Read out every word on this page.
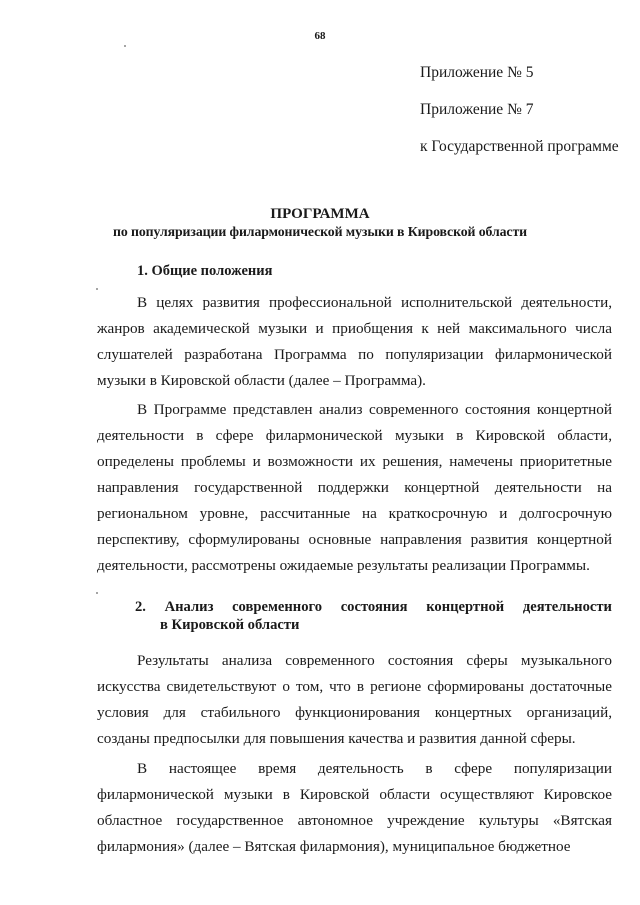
68
Приложение № 5
Приложение № 7
к Государственной программе
ПРОГРАММА
по популяризации филармонической музыки в Кировской области
1. Общие положения

В целях развития профессиональной исполнительской деятельности, жанров академической музыки и приобщения к ней максимального числа слушателей разработана Программа по популяризации филармонической музыки в Кировской области (далее – Программа).

В Программе представлен анализ современного состояния концертной деятельности в сфере филармонической музыки в Кировской области, определены проблемы и возможности их решения, намечены приоритетные направления государственной поддержки концертной деятельности на региональном уровне, рассчитанные на краткосрочную и долгосрочную перспективу, сформулированы основные направления развития концертной деятельности, рассмотрены ожидаемые результаты реализации Программы.

2. Анализ современного состояния концертной деятельности
в Кировской области

Результаты анализа современного состояния сферы музыкального искусства свидетельствуют о том, что в регионе сформированы достаточные условия для стабильного функционирования концертных организаций, созданы предпосылки для повышения качества и развития данной сферы.

В настоящее время деятельность в сфере популяризации филармонической музыки в Кировской области осуществляют Кировское областное государственное автономное учреждение культуры «Вятская филармония» (далее – Вятская филармония), муниципальное бюджетное
